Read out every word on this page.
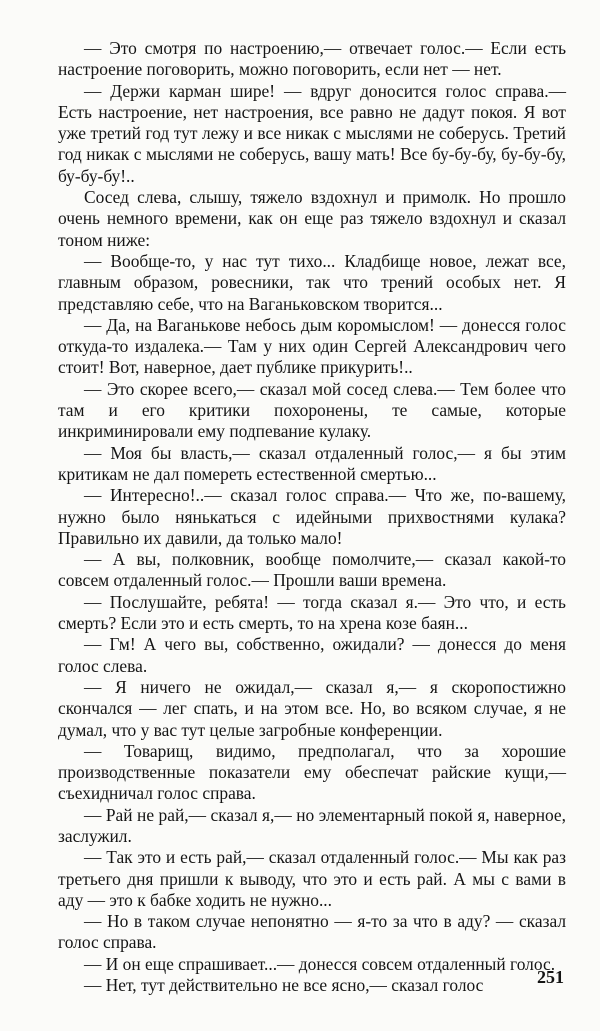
— Это смотря по настроению,— отвечает голос.— Если есть настроение поговорить, можно поговорить, если нет — нет.

— Держи карман шире! — вдруг доносится голос справа.— Есть настроение, нет настроения, все равно не дадут покоя. Я вот уже третий год тут лежу и все никак с мыслями не соберусь. Третий год никак с мыслями не соберусь, вашу мать! Все бу-бу-бу, бу-бу-бу, бу-бу-бу!..

Сосед слева, слышу, тяжело вздохнул и примолк. Но прошло очень немного времени, как он еще раз тяжело вздохнул и сказал тоном ниже:

— Вообще-то, у нас тут тихо... Кладбище новое, лежат все, главным образом, ровесники, так что трений особых нет. Я представляю себе, что на Ваганьковском творится...

— Да, на Ваганькове небось дым коромыслом! — донесся голос откуда-то издалека.— Там у них один Сергей Александрович чего стоит! Вот, наверное, дает публике прикурить!..

— Это скорее всего,— сказал мой сосед слева.— Тем более что там и его критики похоронены, те самые, которые инкриминировали ему подпевание кулаку.

— Моя бы власть,— сказал отдаленный голос,— я бы этим критикам не дал помереть естественной смертью...

— Интересно!..— сказал голос справа.— Что же, по-вашему, нужно было нянькаться с идейными прихвостнями кулака? Правильно их давили, да только мало!

— А вы, полковник, вообще помолчите,— сказал какой-то совсем отдаленный голос.— Прошли ваши времена.

— Послушайте, ребята! — тогда сказал я.— Это что, и есть смерть? Если это и есть смерть, то на хрена козе баян...

— Гм! А чего вы, собственно, ожидали? — донесся до меня голос слева.

— Я ничего не ожидал,— сказал я,— я скоропостижно скончался — лег спать, и на этом все. Но, во всяком случае, я не думал, что у вас тут целые загробные конференции.

— Товарищ, видимо, предполагал, что за хорошие производственные показатели ему обеспечат райские кущи,— съехидничал голос справа.

— Рай не рай,— сказал я,— но элементарный покой я, наверное, заслужил.

— Так это и есть рай,— сказал отдаленный голос.— Мы как раз третьего дня пришли к выводу, что это и есть рай. А мы с вами в аду — это к бабке ходить не нужно...

— Но в таком случае непонятно — я-то за что в аду? — сказал голос справа.

— И он еще спрашивает...— донесся совсем отдаленный голос.

— Нет, тут действительно не все ясно,— сказал голос	251
